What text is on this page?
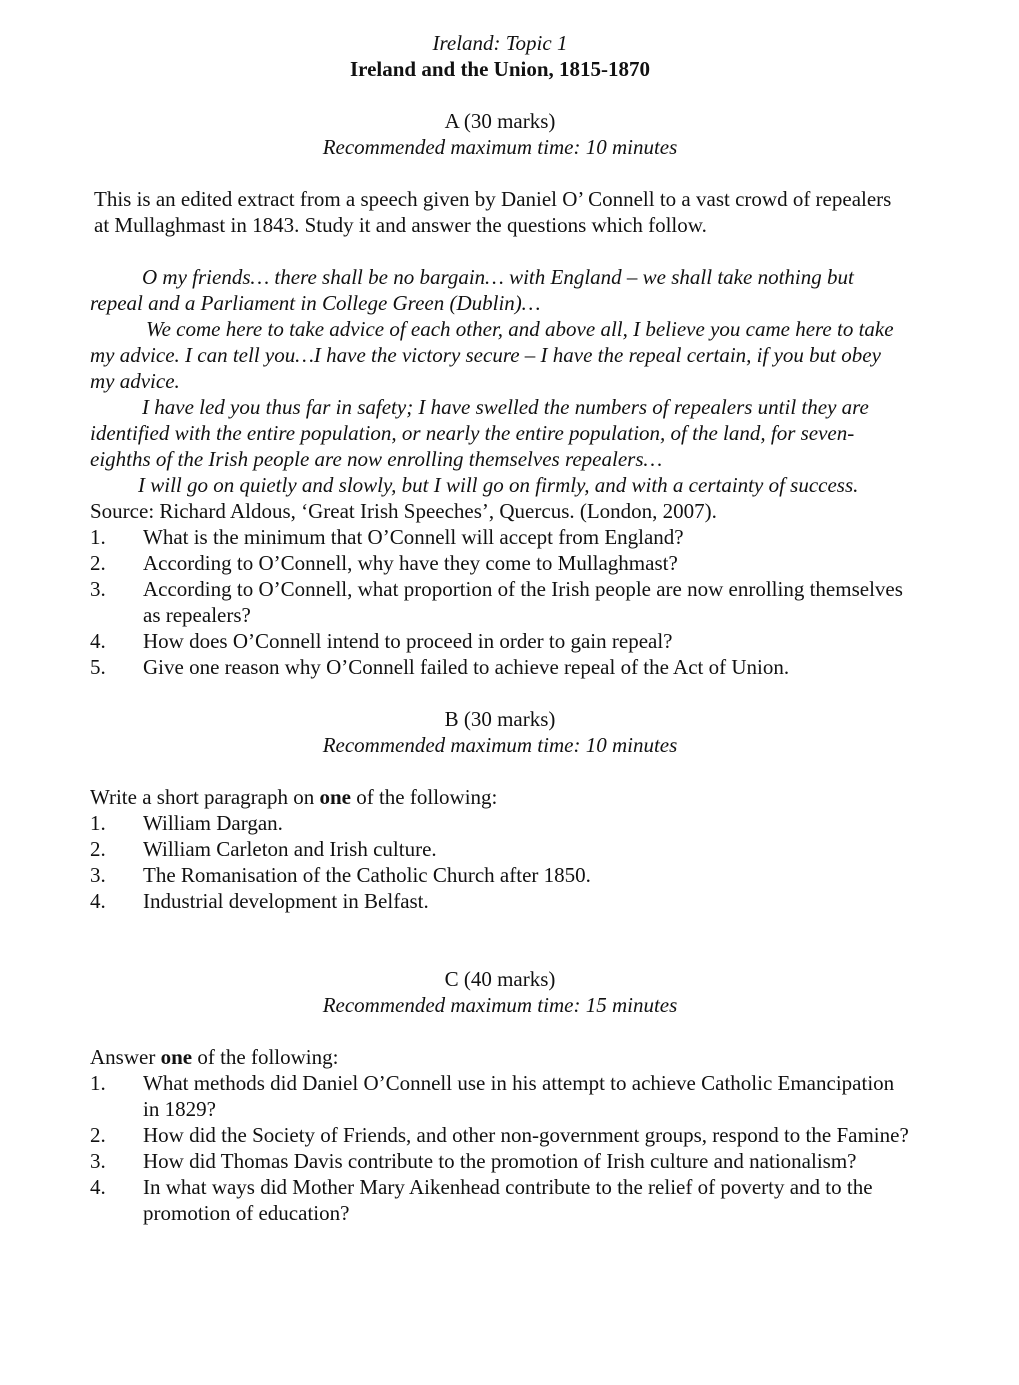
Ireland: Topic 1

Ireland and the Union, 1815-1870

A (30 marks)

Recommended maximum time: 10 minutes

This is an edited extract from a speech given by Daniel O’ Connell to a vast crowd of repealers at Mullaghmast in 1843. Study it and answer the questions which follow.

O my friends… there shall be no bargain… with England – we shall take nothing but repeal and a Parliament in College Green (Dublin)…

We come here to take advice of each other, and above all, I believe you came here to take my advice. I can tell you…I have the victory secure – I have the repeal certain, if you but obey my advice.

I have led you thus far in safety; I have swelled the numbers of repealers until they are identified with the entire population, or nearly the entire population, of the land, for seven-eighths of the Irish people are now enrolling themselves repealers…

I will go on quietly and slowly, but I will go on firmly, and with a certainty of success.

Source: Richard Aldous, ‘Great Irish Speeches’, Quercus. (London, 2007).

1. What is the minimum that O’Connell will accept from England?
2. According to O’Connell, why have they come to Mullaghmast?
3. According to O’Connell, what proportion of the Irish people are now enrolling themselves as repealers?
4. How does O’Connell intend to proceed in order to gain repeal?
5. Give one reason why O’Connell failed to achieve repeal of the Act of Union.

B (30 marks)

Recommended maximum time: 10 minutes

Write a short paragraph on one of the following:

1. William Dargan.
2. William Carleton and Irish culture.
3. The Romanisation of the Catholic Church after 1850.
4. Industrial development in Belfast.

C (40 marks)

Recommended maximum time: 15 minutes

Answer one of the following:

1. What methods did Daniel O’Connell use in his attempt to achieve Catholic Emancipation in 1829?
2. How did the Society of Friends, and other non-government groups, respond to the Famine?
3. How did Thomas Davis contribute to the promotion of Irish culture and nationalism?
4. In what ways did Mother Mary Aikenhead contribute to the relief of poverty and to the promotion of education?
